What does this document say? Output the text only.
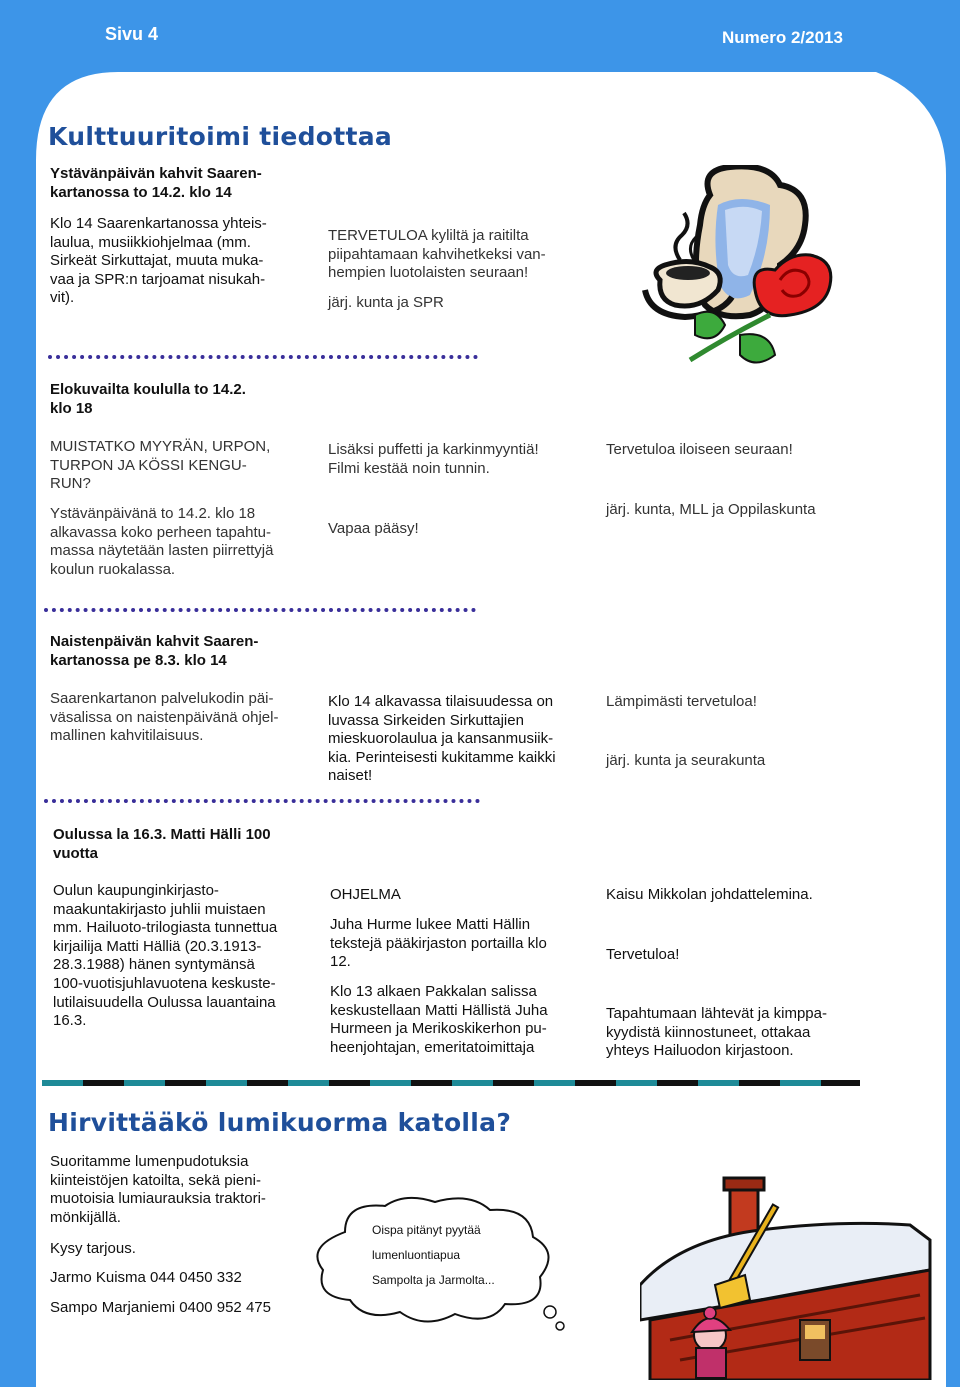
Sivu 4	Numero 2/2013
Kulttuuritoimi tiedottaa
Ystävänpäivän kahvit Saaren-
kartanossa to 14.2. klo 14
Klo 14 Saarenkartanossa yhteis-
laulua, musiikkiohjelmaa (mm.
Sirkeät Sirkuttajat, muuta muka-
vaa ja SPR:n tarjoamat nisukah-
vit).
TERVETULOA kyliltä ja raitilta
piipahtamaan kahvihetkeksi van-
hempien luotolaisten seuraan!
järj. kunta ja SPR
Elokuvailta koululla to 14.2.
klo 18
MUISTATKO MYYRÄN, URPON,
TURPON JA KÖSSI KENGU-
RUN?
Ystävänpäivänä to 14.2. klo 18
alkavassa koko perheen tapahtu-
massa näytetään lasten piirrettyjä
koulun ruokalassa.
Lisäksi puffetti ja karkinmyyntiä!
Filmi kestää noin tunnin.
Vapaa pääsy!
Tervetuloa iloiseen seuraan!
järj. kunta, MLL ja Oppilaskunta
Naistenpäivän kahvit Saaren-
kartanossa pe 8.3. klo 14
Saarenkartanon palvelukodin päi-
väsalissa on naistenpäivänä ohjel-
mallinen kahvitilaisuus.
Klo 14 alkavassa tilaisuudessa on
luvassa Sirkeiden Sirkuttajien
mieskuorolaulua ja kansanmusiik-
kia. Perinteisesti kukitamme kaikki
naiset!
Lämpimästi tervetuloa!
järj. kunta ja seurakunta
Oulussa la 16.3. Matti Hälli 100
vuotta
Oulun kaupunginkirjasto-
maakuntakirjasto juhlii muistaen
mm. Hailuoto-trilogiasta tunnettua
kirjailija Matti Hälliä (20.3.1913-
28.3.1988) hänen syntymänsä
100-vuotisjuhlavuotena keskuste-
lutilaisuudella Oulussa lauantaina
16.3.
OHJELMA
Juha Hurme lukee Matti Hällin
tekstejä pääkirjaston portailla klo
12.
Klo 13 alkaen Pakkalan salissa
keskustellaan Matti Hällistä Juha
Hurmeen ja Merikoskikerhon pu-
heenjohtajan, emeritatoimittaja
Kaisu Mikkolan johdattelemina.
Tervetuloa!
Tapahtumaan lähtevät ja kimppa-
kyydistä kiinnostuneet, ottakaa
yhteys Hailuodon kirjastoon.
Hirvittääkö lumikuorma katolla?
Suoritamme lumenpudotuksia
kiinteistöjen katoilta, sekä pieni-
muotoisia lumiaurauksia traktori-
mönkijällä.
Kysy tarjous.
Jarmo Kuisma 044 0450 332
Sampo Marjaniemi 0400 952 475
Oispa pitänyt pyytää
lumenluontiapua
Sampolta ja Jarmolta...
